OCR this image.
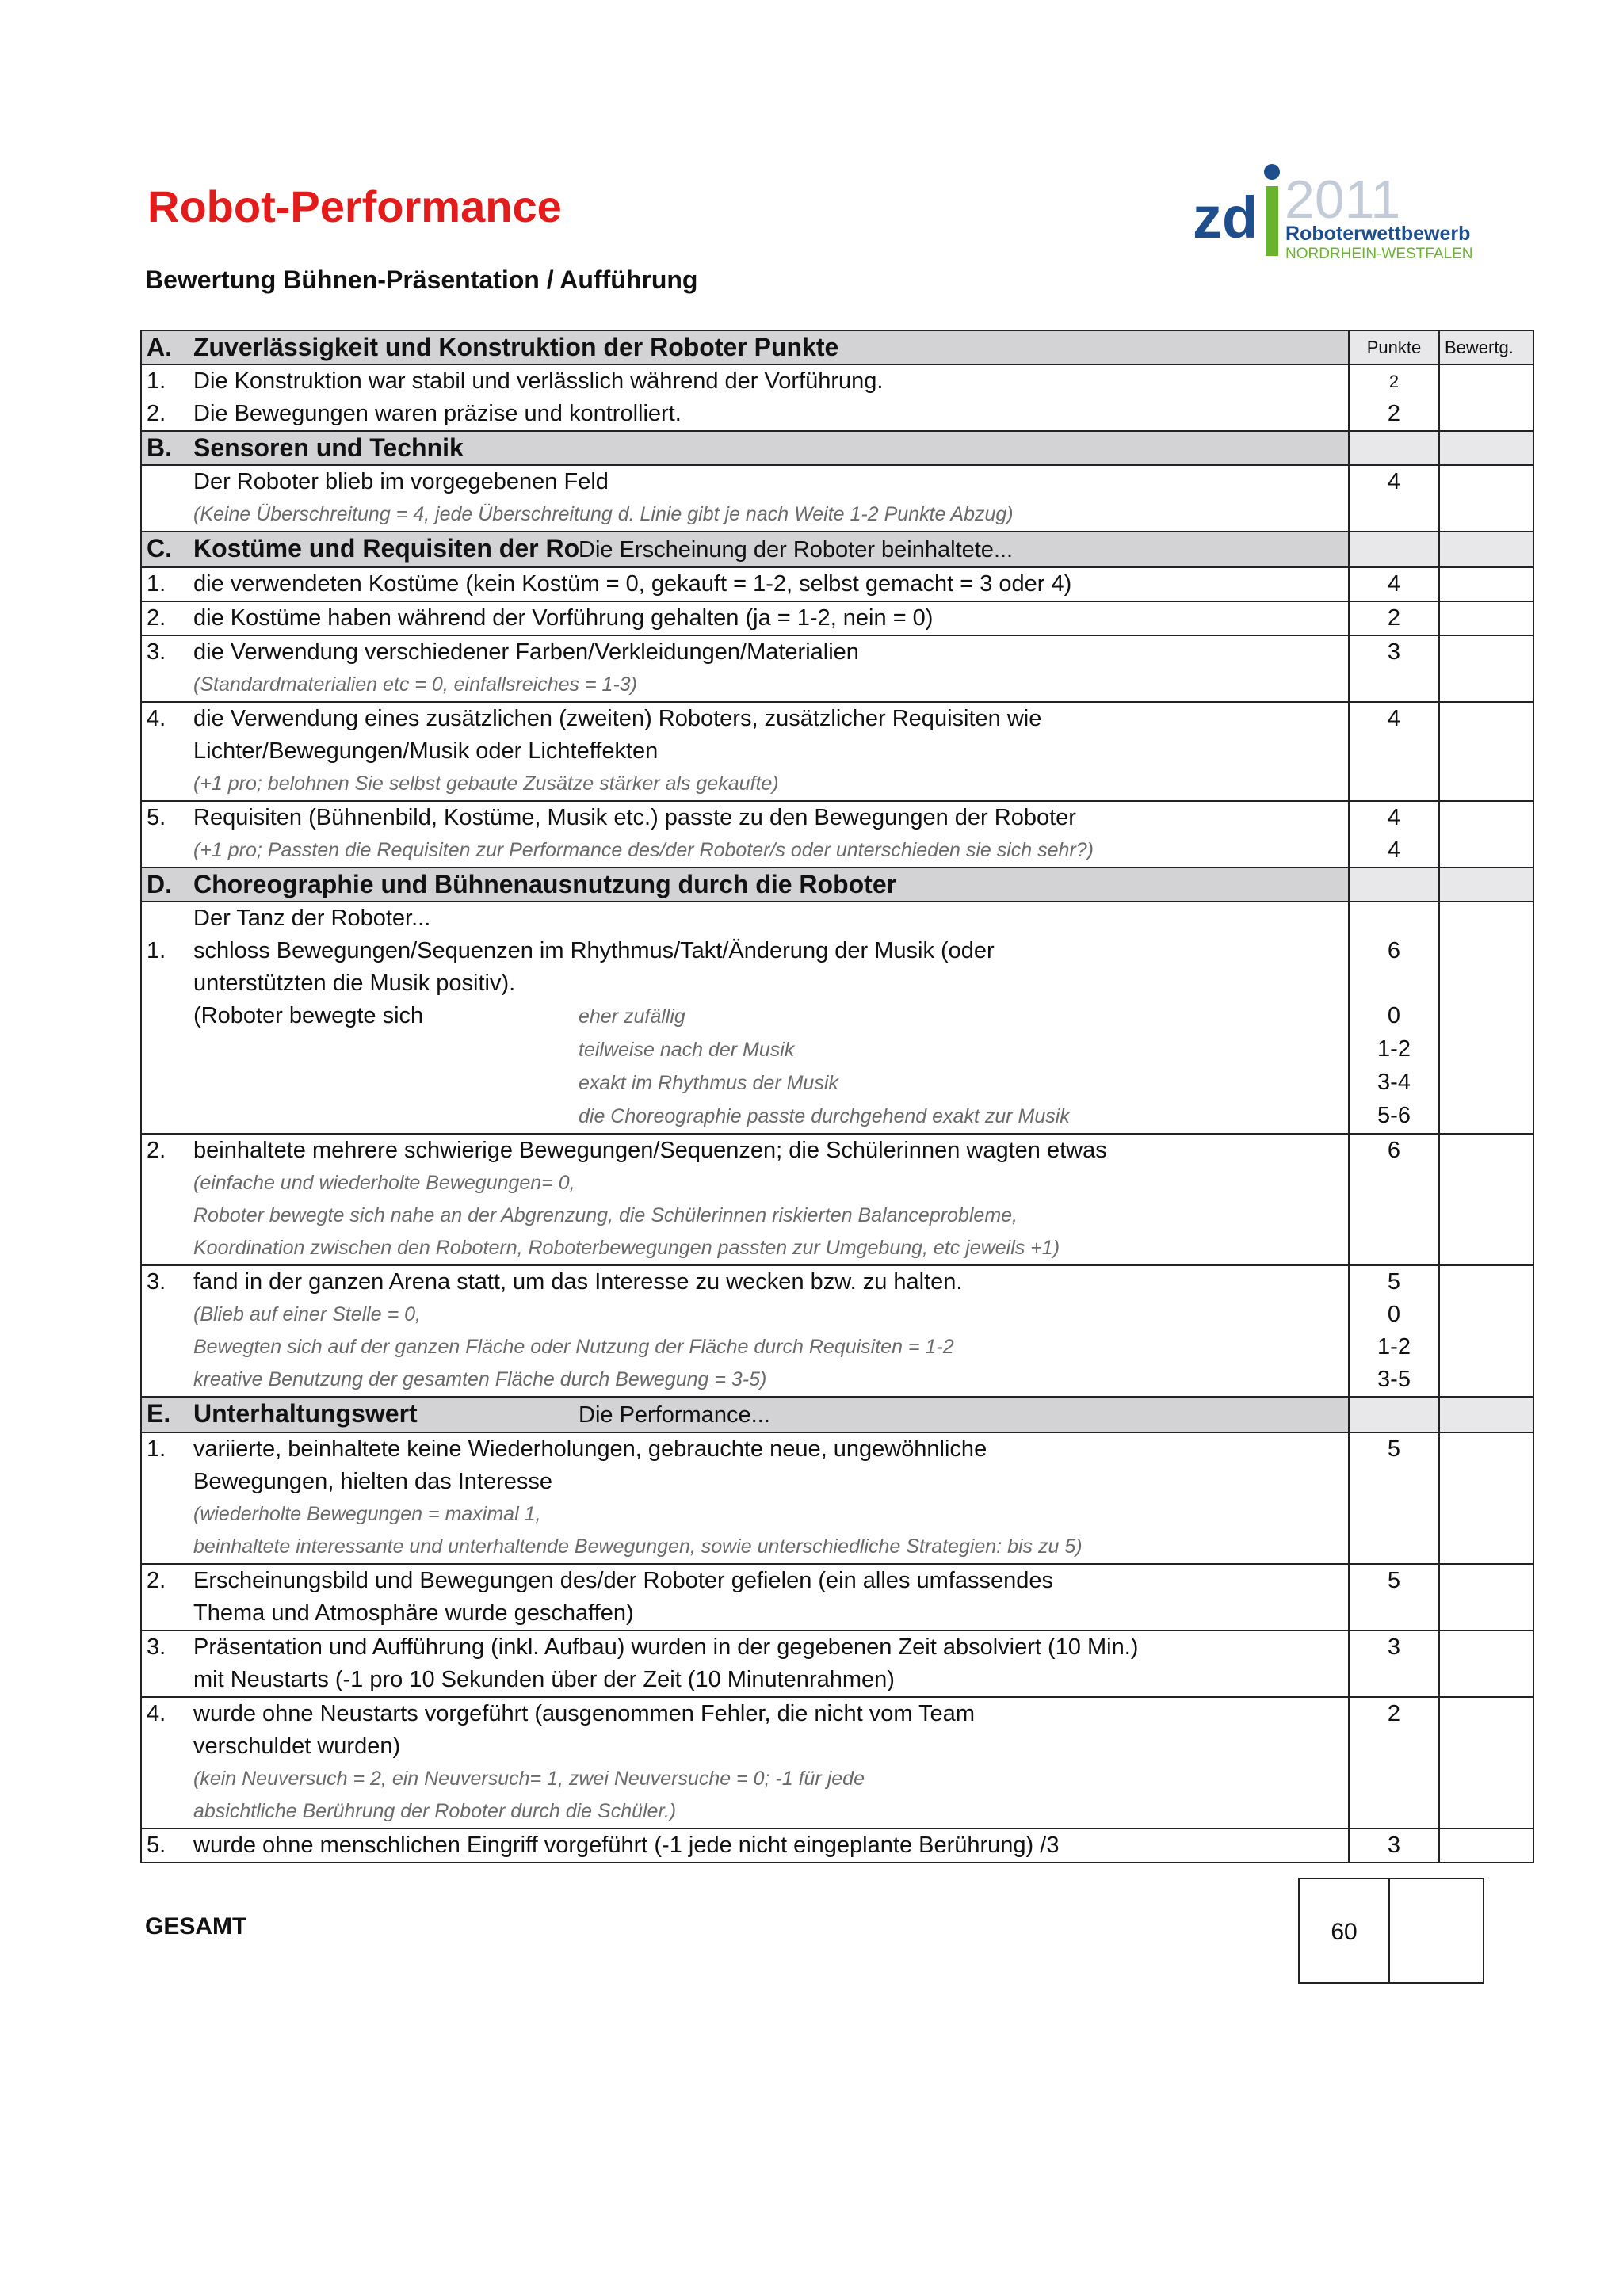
Robot-Performance
Bewertung Bühnen-Präsentation / Aufführung
zd 2011
Roboterwettbewerb
NORDRHEIN-WESTFALEN
A.	Zuverlässigkeit und Konstruktion der Roboter Punkte	Punkte	Bewertg.
1.	Die Konstruktion war stabil und verlässlich während der Vorführung.	2	
2.	Die Bewegungen waren präzise und kontrolliert.	2	
B.	Sensoren und Technik		
	Der Roboter blieb im vorgegebenen Feld	4	
	(Keine Überschreitung = 4, jede Überschreitung d. Linie gibt je nach Weite 1-2 Punkte Abzug)		
C.	Kostüme und Requisiten der RoDie Erscheinung der Roboter beinhaltete...		
1.	die verwendeten Kostüme (kein Kostüm = 0, gekauft = 1-2, selbst gemacht = 3 oder 4)	4	
2.	die Kostüme haben während der Vorführung gehalten (ja = 1-2, nein = 0)	2	
3.	die Verwendung verschiedener Farben/Verkleidungen/Materialien	3	
	(Standardmaterialien etc = 0, einfallsreiches = 1-3)		
4.	die Verwendung eines zusätzlichen (zweiten) Roboters, zusätzlicher Requisiten wie	4	
	Lichter/Bewegungen/Musik oder Lichteffekten		
	(+1 pro; belohnen Sie selbst gebaute Zusätze stärker als gekaufte)		
5.	Requisiten (Bühnenbild, Kostüme, Musik etc.) passte zu den Bewegungen der Roboter	4	
	(+1 pro; Passten die Requisiten zur Performance des/der Roboter/s oder unterschieden sie sich sehr?)	4	
D.	Choreographie und Bühnenausnutzung durch die Roboter		
	Der Tanz der Roboter...		
1.	schloss Bewegungen/Sequenzen im Rhythmus/Takt/Änderung der Musik (oder	6	
	unterstützten die Musik positiv).		
	(Roboter bewegte sich eher zufällig	0	
	teilweise nach der Musik	1-2	
	exakt im Rhythmus der Musik	3-4	
	die Choreographie passte durchgehend exakt zur Musik	5-6	
2.	beinhaltete mehrere schwierige Bewegungen/Sequenzen; die Schülerinnen wagten etwas	6	
	(einfache und wiederholte Bewegungen= 0,		
	Roboter bewegte sich nahe an der Abgrenzung, die Schülerinnen riskierten Balanceprobleme,		
	Koordination zwischen den Robotern, Roboterbewegungen passten zur Umgebung, etc jeweils +1)		
3.	fand in der ganzen Arena statt, um das Interesse zu wecken bzw. zu halten.	5	
	(Blieb auf einer Stelle = 0,	0	
	Bewegten sich auf der ganzen Fläche oder Nutzung der Fläche durch Requisiten = 1-2	1-2	
	kreative Benutzung der gesamten Fläche durch Bewegung = 3-5)	3-5	
E.	Unterhaltungswert Die Performance...		
1.	variierte, beinhaltete keine Wiederholungen, gebrauchte neue, ungewöhnliche	5	
	Bewegungen, hielten das Interesse		
	(wiederholte Bewegungen = maximal 1,		
	beinhaltete interessante und unterhaltende Bewegungen, sowie unterschiedliche Strategien: bis zu 5)		
2.	Erscheinungsbild und Bewegungen des/der Roboter gefielen (ein alles umfassendes	5	
	Thema und Atmosphäre wurde geschaffen)		
3.	Präsentation und Aufführung (inkl. Aufbau) wurden in der gegebenen Zeit absolviert (10 Min.)	3	
	mit Neustarts (-1 pro 10 Sekunden über der Zeit (10 Minutenrahmen)		
4.	wurde ohne Neustarts vorgeführt (ausgenommen Fehler, die nicht vom Team	2	
	verschuldet wurden)		
	(kein Neuversuch = 2, ein Neuversuch= 1, zwei Neuversuche = 0; -1 für jede		
	absichtliche Berührung der Roboter durch die Schüler.)		
5.	wurde ohne menschlichen Eingriff vorgeführt (-1 jede nicht eingeplante Berührung) /3	3	
GESAMT	60
